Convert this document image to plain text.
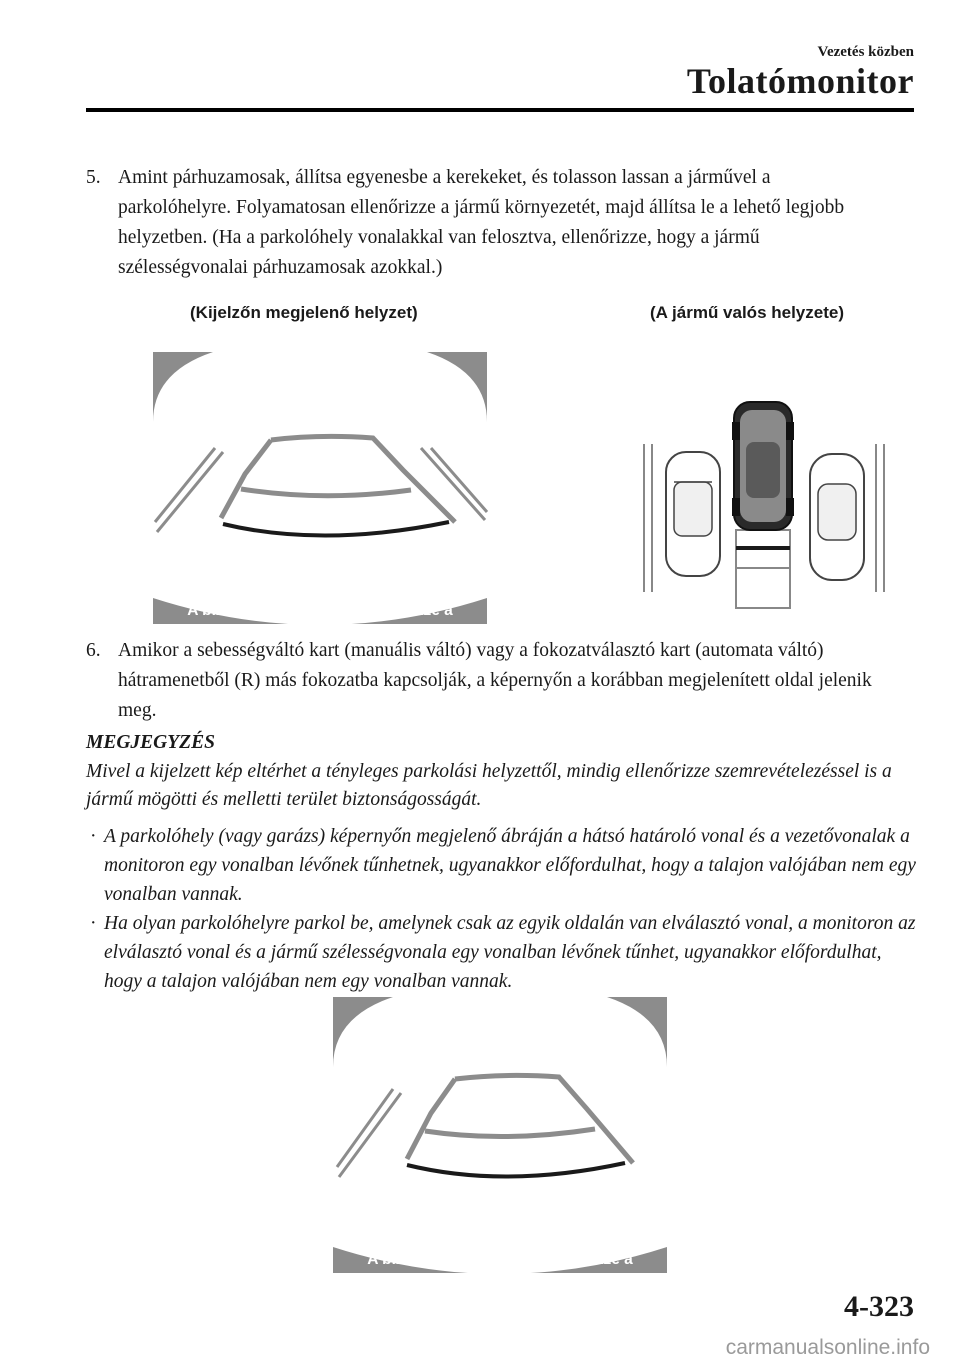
Vezetés közben
Tolatómonitor
5. Amint párhuzamosak, állítsa egyenesbe a kerekeket, és tolasson lassan a járművel a parkolóhelyre. Folyamatosan ellenőrizze a jármű környezetét, majd állítsa le a lehető legjobb helyzetben. (Ha a parkolóhely vonalakkal van felosztva, ellenőrizze, hogy a jármű szélességvonalai párhuzamosak azokkal.)
(Kijelzőn megjelenő helyzet)	(A jármű valós helyzete)
A biztonság érdekében ellenőrizze a környezetet
6. Amikor a sebességváltó kart (manuális váltó) vagy a fokozatválasztó kart (automata váltó) hátramenetből (R) más fokozatba kapcsolják, a képernyőn a korábban megjelenített oldal jelenik meg.
MEGJEGYZÉS
Mivel a kijelzett kép eltérhet a tényleges parkolási helyzettől, mindig ellenőrizze szemrevételezéssel is a jármű mögötti és melletti terület biztonságosságát.
· A parkolóhely (vagy garázs) képernyőn megjelenő ábráján a hátsó határoló vonal és a vezetővonalak a monitoron egy vonalban lévőnek tűnhetnek, ugyanakkor előfordulhat, hogy a talajon valójában nem egy vonalban vannak.
· Ha olyan parkolóhelyre parkol be, amelynek csak az egyik oldalán van elválasztó vonal, a monitoron az elválasztó vonal és a jármű szélességvonala egy vonalban lévőnek tűnhet, ugyanakkor előfordulhat, hogy a talajon valójában nem egy vonalban vannak.
A biztonság érdekében ellenőrizze a környezetet
4-323
carmanualsonline.info
